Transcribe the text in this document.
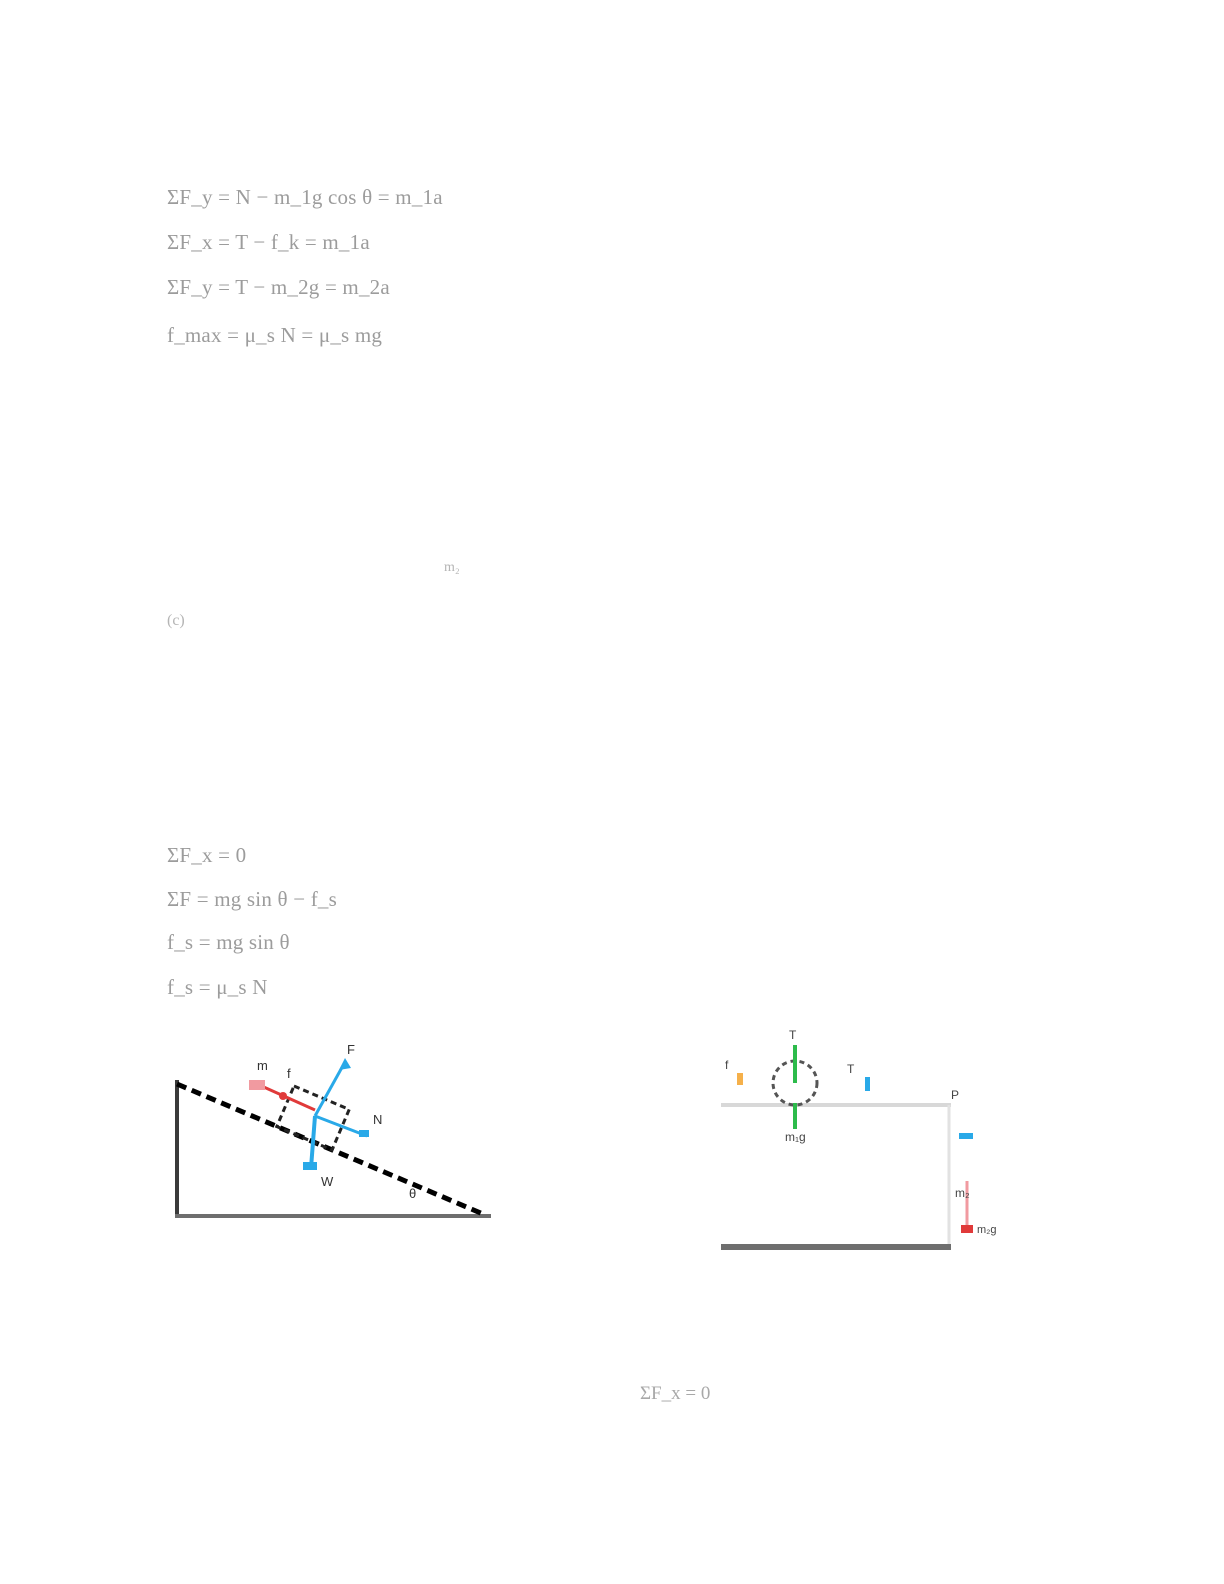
ΣF_y = N − m_1g cos θ = m_1a
ΣF_x = T − f_k = m_1a
ΣF_y = T − m_2g = m_2a
f_max = μ_s N = μ_s mg
m₂
(c)
ΣF_x = 0
ΣF = mg sin θ − f_s
f_s = mg sin θ
f_s = μ_s N
F
m
N
W
f
θ
T
m₁g
f	T
P
m₂
m₂g
ΣF_x = 0
